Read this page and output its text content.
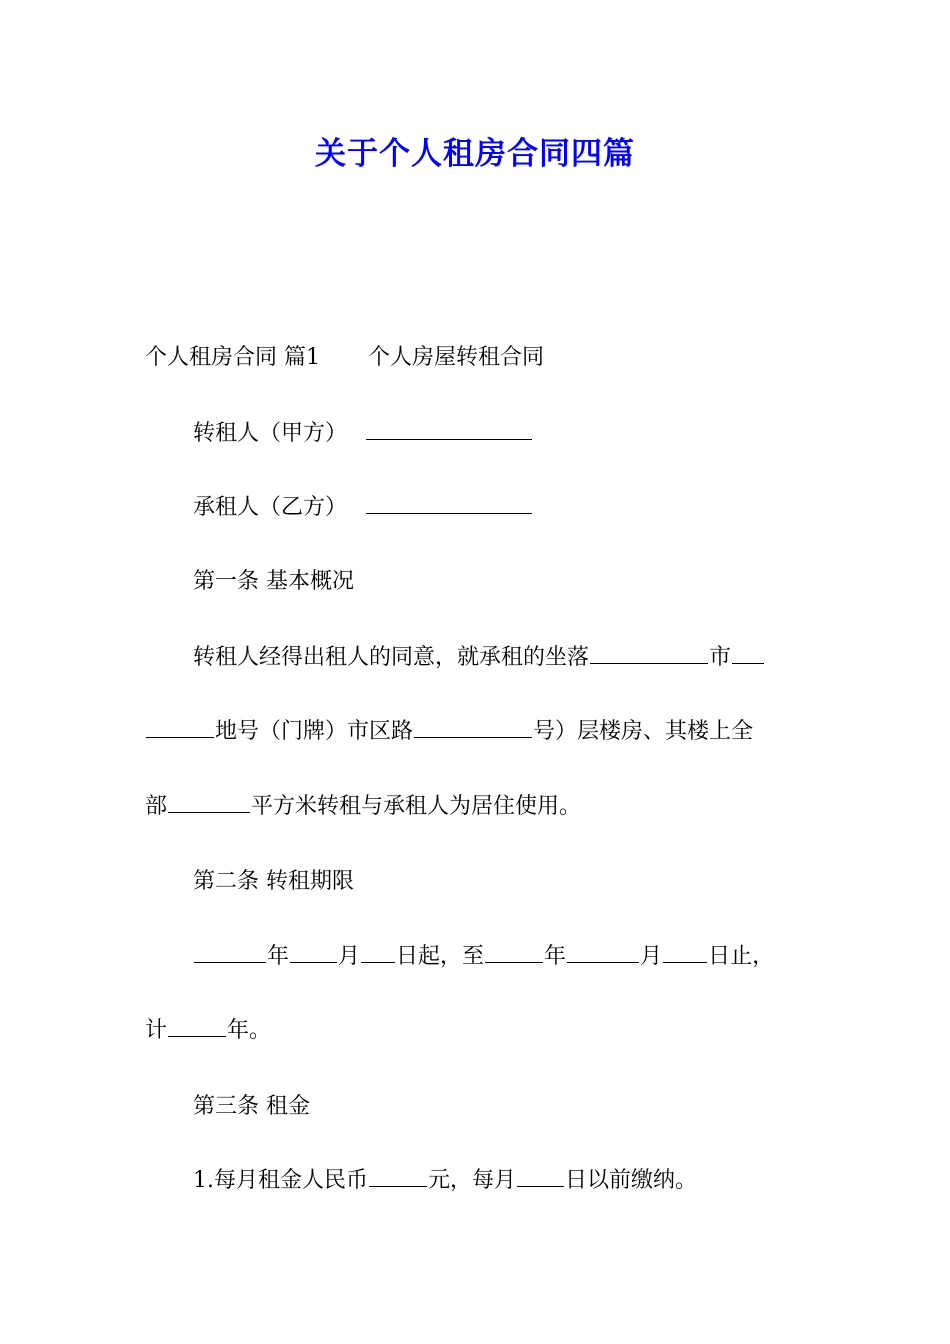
关于个人租房合同四篇

个人租房合同 篇1 个人房屋转租合同

转租人（甲方）

承租人（乙方）

第一条 基本概况

转租人经得出租人的同意，就承租的坐落	市

地号（门牌）市区路	号）层楼房、其楼上全

部	平方米转租与承租人为居住使用。

第二条 转租期限

年 月 日起，至	年	月 日止，

计	年。

第三条 租金

1.每月租金人民币	元，每月 日以前缴纳。
